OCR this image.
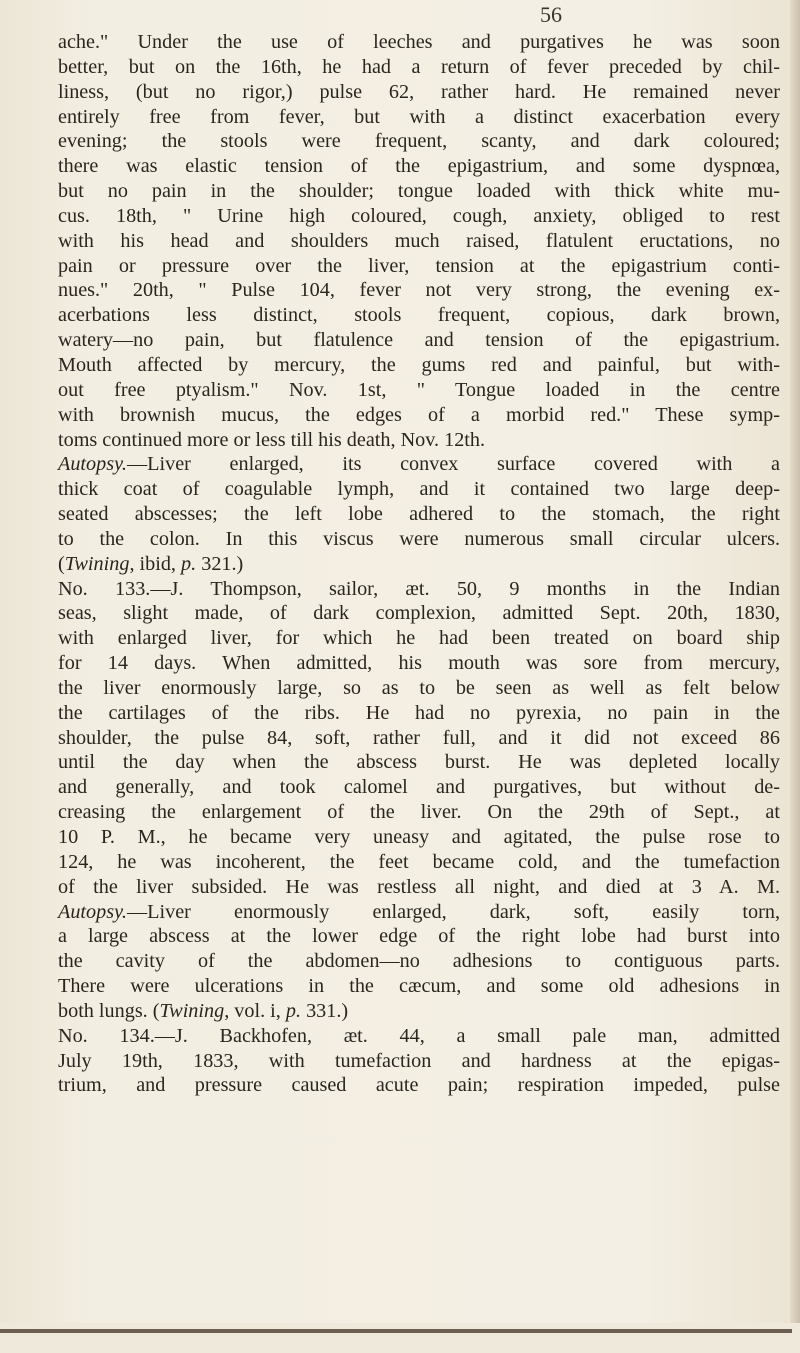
56
ache." Under the use of leeches and purgatives he was soon
better, but on the 16th, he had a return of fever preceded by chil-
liness, (but no rigor,) pulse 62, rather hard. He remained never
entirely free from fever, but with a distinct exacerbation every
evening; the stools were frequent, scanty, and dark coloured;
there was elastic tension of the epigastrium, and some dyspnœa,
but no pain in the shoulder; tongue loaded with thick white mu-
cus. 18th, " Urine high coloured, cough, anxiety, obliged to rest
with his head and shoulders much raised, flatulent eructations, no
pain or pressure over the liver, tension at the epigastrium conti-
nues." 20th, " Pulse 104, fever not very strong, the evening ex-
acerbations less distinct, stools frequent, copious, dark brown,
watery—no pain, but flatulence and tension of the epigastrium.
Mouth affected by mercury, the gums red and painful, but with-
out free ptyalism." Nov. 1st, " Tongue loaded in the centre
with brownish mucus, the edges of a morbid red." These symp-
toms continued more or less till his death, Nov. 12th.
Autopsy.—Liver enlarged, its convex surface covered with a
thick coat of coagulable lymph, and it contained two large deep-
seated abscesses; the left lobe adhered to the stomach, the right
to the colon. In this viscus were numerous small circular ulcers.
(Twining, ibid, p. 321.)
No. 133.—J. Thompson, sailor, æt. 50, 9 months in the Indian
seas, slight made, of dark complexion, admitted Sept. 20th, 1830,
with enlarged liver, for which he had been treated on board ship
for 14 days. When admitted, his mouth was sore from mercury,
the liver enormously large, so as to be seen as well as felt below
the cartilages of the ribs. He had no pyrexia, no pain in the
shoulder, the pulse 84, soft, rather full, and it did not exceed 86
until the day when the abscess burst. He was depleted locally
and generally, and took calomel and purgatives, but without de-
creasing the enlargement of the liver. On the 29th of Sept., at
10 P. M., he became very uneasy and agitated, the pulse rose to
124, he was incoherent, the feet became cold, and the tumefaction
of the liver subsided. He was restless all night, and died at 3 A. M.
Autopsy.—Liver enormously enlarged, dark, soft, easily torn,
a large abscess at the lower edge of the right lobe had burst into
the cavity of the abdomen—no adhesions to contiguous parts.
There were ulcerations in the cæcum, and some old adhesions in
both lungs. (Twining, vol. i, p. 331.)
No. 134.—J. Backhofen, æt. 44, a small pale man, admitted
July 19th, 1833, with tumefaction and hardness at the epigas-
trium, and pressure caused acute pain; respiration impeded, pulse
